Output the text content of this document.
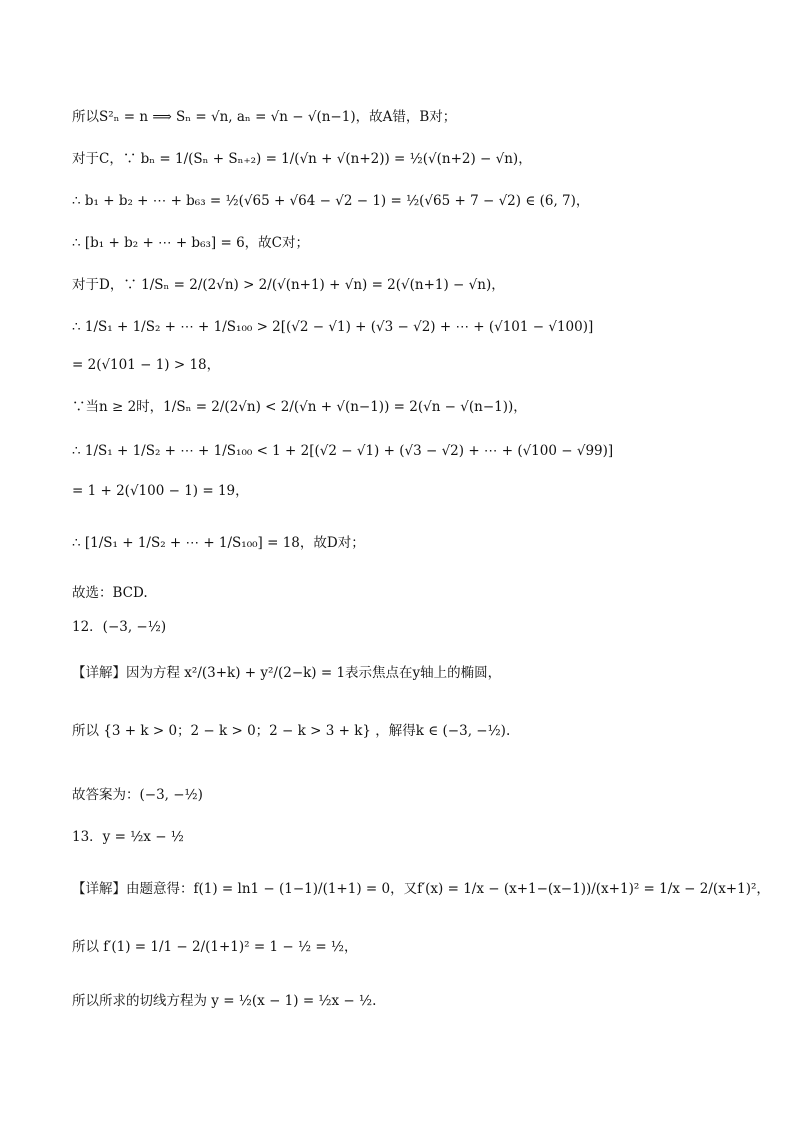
所以S²ₙ = n ⟹ Sₙ = √n, aₙ = √n − √(n−1)，故A错，B对；
对于C，∵ bₙ = 1/(Sₙ + Sₙ₊₂) = 1/(√n + √(n+2)) = ½(√(n+2) − √n)，
∴ b₁ + b₂ + ⋯ + b₆₃ = ½(√65 + √64 − √2 − 1) = ½(√65 + 7 − √2) ∈ (6, 7)，
∴ [b₁ + b₂ + ⋯ + b₆₃] = 6，故C对；
对于D，∵ 1/Sₙ = 2/(2√n) > 2/(√(n+1) + √n) = 2(√(n+1) − √n)，
∴ 1/S₁ + 1/S₂ + ⋯ + 1/S₁₀₀ > 2[(√2 − √1) + (√3 − √2) + ⋯ + (√101 − √100)]
= 2(√101 − 1) > 18，
∵当n ≥ 2时，1/Sₙ = 2/(2√n) < 2/(√n + √(n−1)) = 2(√n − √(n−1))，
∴ 1/S₁ + 1/S₂ + ⋯ + 1/S₁₀₀ < 1 + 2[(√2 − √1) + (√3 − √2) + ⋯ + (√100 − √99)]
= 1 + 2(√100 − 1) = 19，
∴ [1/S₁ + 1/S₂ + ⋯ + 1/S₁₀₀] = 18，故D对；
故选：BCD.
12．(−3, −½)
【详解】因为方程 x²/(3+k) + y²/(2−k) = 1表示焦点在y轴上的椭圆，
所以 {3 + k > 0；2 − k > 0；2 − k > 3 + k} ，解得k ∈ (−3, −½).
故答案为：(−3, −½)
13．y = ½x − ½
【详解】由题意得：f(1) = ln1 − (1−1)/(1+1) = 0，又f′(x) = 1/x − (x+1−(x−1))/(x+1)² = 1/x − 2/(x+1)²，
所以 f′(1) = 1/1 − 2/(1+1)² = 1 − ½ = ½，
所以所求的切线方程为 y = ½(x − 1) = ½x − ½.
